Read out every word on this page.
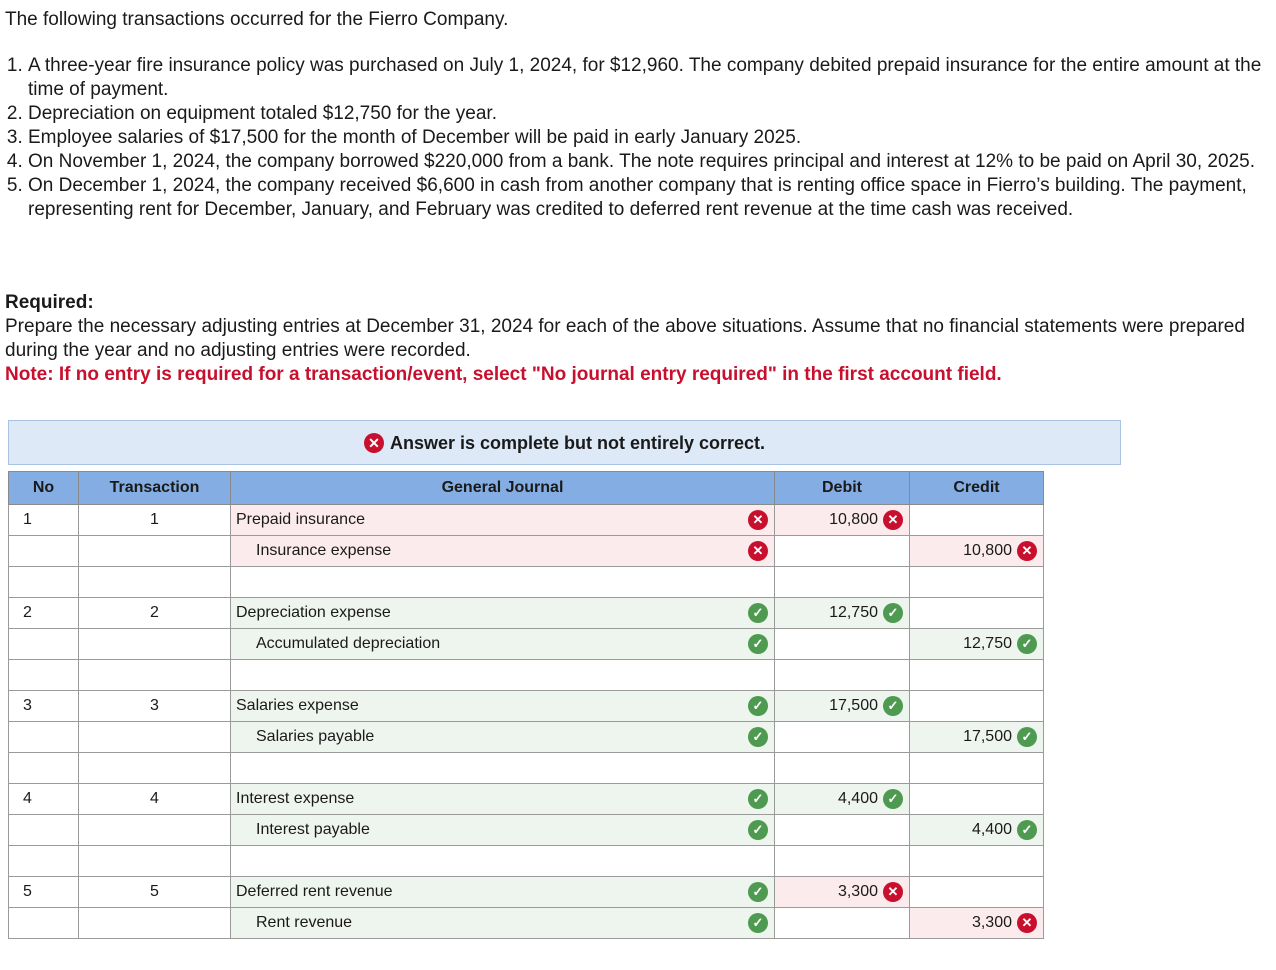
The following transactions occurred for the Fierro Company.
1. A three-year fire insurance policy was purchased on July 1, 2024, for $12,960. The company debited prepaid insurance for the entire amount at the time of payment.
2. Depreciation on equipment totaled $12,750 for the year.
3. Employee salaries of $17,500 for the month of December will be paid in early January 2025.
4. On November 1, 2024, the company borrowed $220,000 from a bank. The note requires principal and interest at 12% to be paid on April 30, 2025.
5. On December 1, 2024, the company received $6,600 in cash from another company that is renting office space in Fierro’s building. The payment, representing rent for December, January, and February was credited to deferred rent revenue at the time cash was received.
Required:
Prepare the necessary adjusting entries at December 31, 2024 for each of the above situations. Assume that no financial statements were prepared during the year and no adjusting entries were recorded.
Note: If no entry is required for a transaction/event, select "No journal entry required" in the first account field.
✕ Answer is complete but not entirely correct.
No	Transaction	General Journal	Debit	Credit
1	1	Prepaid insurance ✕	10,800 ✕	

		Insurance expense ✕		10,800 ✕

2	2	Depreciation expense ✓	12,750 ✓	

		Accumulated depreciation ✓		12,750 ✓

3	3	Salaries expense ✓	17,500 ✓	

		Salaries payable ✓		17,500 ✓

4	4	Interest expense ✓	4,400 ✓	

		Interest payable ✓		4,400 ✓

5	5	Deferred rent revenue ✓	3,300 ✕	

		Rent revenue ✓		3,300 ✕
